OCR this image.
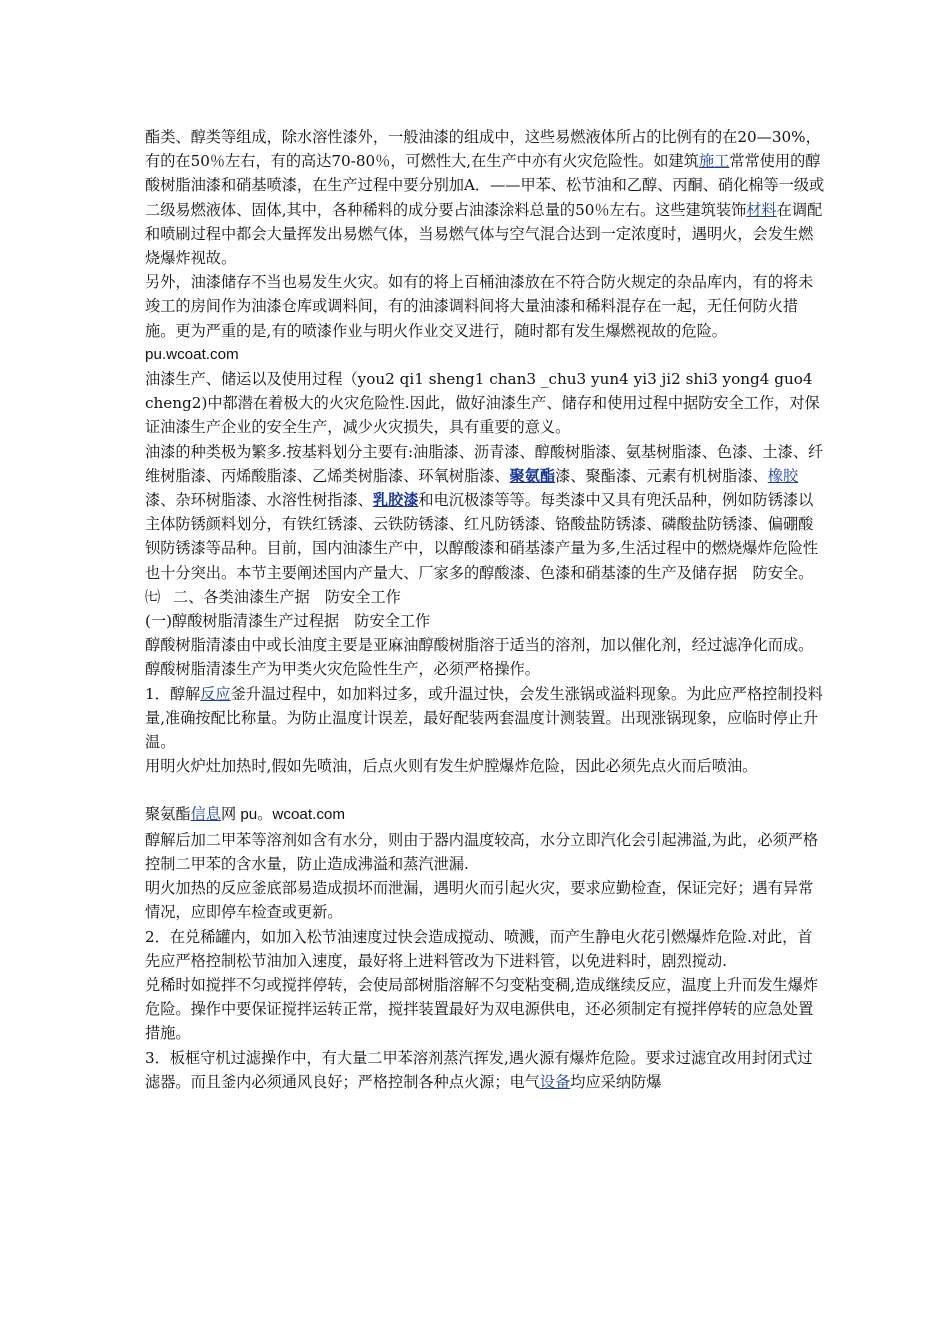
酯类、醇类等组成，除水溶性漆外，一般油漆的组成中，这些易燃液体所占的比例有的在20—30%，有的在50％左右，有的高达70-80％，可燃性大,在生产中亦有火灾危险性。如建筑施工常常使用的醇酸树脂油漆和硝基喷漆，在生产过程中要分别加A．——甲苯、松节油和乙醇、丙酮、硝化棉等一级或二级易燃液体、固体,其中，各种稀料的成分要占油漆涂料总量的50％左右。这些建筑装饰材料在调配和喷刷过程中都会大量挥发出易燃气体，当易燃气体与空气混合达到一定浓度时，遇明火，会发生燃烧爆炸视故。

另外，油漆储存不当也易发生火灾。如有的将上百桶油漆放在不符合防火规定的杂品库内，有的将未竣工的房间作为油漆仓库或调料间，有的油漆调料间将大量油漆和稀料混存在一起，无任何防火措施。更为严重的是,有的喷漆作业与明火作业交叉进行，随时都有发生爆燃视故的危险。

pu.wcoat.com

油漆生产、储运以及使用过程（you2 qi1 sheng1 chan3 _chu3 yun4 yi3 ji2 shi3 yong4 guo4 cheng2)中都潜在着极大的火灾危险性.因此，做好油漆生产、储存和使用过程中据防安全工作，对保证油漆生产企业的安全生产，减少火灾损失，具有重要的意义。

油漆的种类极为繁多.按基料划分主要有:油脂漆、沥青漆、醇酸树脂漆、氨基树脂漆、色漆、土漆、纤维树脂漆、丙烯酸脂漆、乙烯类树脂漆、环氧树脂漆、聚氨酯漆、聚酯漆、元素有机树脂漆、橡胶漆、杂环树脂漆、水溶性树指漆、乳胶漆和电沉极漆等等。每类漆中又具有兜沃品种，例如防锈漆以主体防锈颜料划分，有铁红锈漆、云铁防锈漆、红凡防锈漆、铬酸盐防锈漆、磷酸盐防锈漆、偏硼酸钡防锈漆等品种。目前，国内油漆生产中，以醇酸漆和硝基漆产量为多,生活过程中的燃烧爆炸危险性也十分突出。本节主要阐述国内产量大、厂家多的醇酸漆、色漆和硝基漆的生产及储存据　防安全。

㈦ 二、各类油漆生产据　防安全工作

(一)醇酸树脂清漆生产过程据　防安全工作

醇酸树脂清漆由中或长油度主要是亚麻油醇酸树脂溶于适当的溶剂，加以催化剂，经过滤净化而成。

醇酸树脂清漆生产为甲类火灾危险性生产，必须严格操作。

1．醇解反应釜升温过程中，如加料过多，或升温过快，会发生涨锅或溢料现象。为此应严格控制投料量,准确按配比称量。为防止温度计误差，最好配装两套温度计测装置。出现涨锅现象，应临时停止升温。

用明火炉灶加热时,假如先喷油，后点火则有发生炉膛爆炸危险，因此必须先点火而后喷油。

聚氨酯信息网 pu。wcoat.com

醇解后加二甲苯等溶剂如含有水分，则由于器内温度较高，水分立即汽化会引起沸溢,为此，必须严格控制二甲苯的含水量，防止造成沸溢和蒸汽泄漏.

明火加热的反应釜底部易造成损坏而泄漏，遇明火而引起火灾，要求应勤检查，保证完好；遇有异常情况，应即停车检查或更新。

2．在兑稀罐内，如加入松节油速度过快会造成搅动、喷溅，而产生静电火花引燃爆炸危险.对此，首先应严格控制松节油加入速度，最好将上进料管改为下进料管，以免进料时，剧烈搅动.

兑稀时如搅拌不匀或搅拌停转，会使局部树脂溶解不匀变粘变稠,造成继续反应，温度上升而发生爆炸危险。操作中要保证搅拌运转正常，搅拌装置最好为双电源供电，还必须制定有搅拌停转的应急处置措施。

3．板框守机过滤操作中，有大量二甲苯溶剂蒸汽挥发,遇火源有爆炸危险。要求过滤宜改用封闭式过滤器。而且釜内必须通风良好；严格控制各种点火源；电气设备均应采纳防爆
